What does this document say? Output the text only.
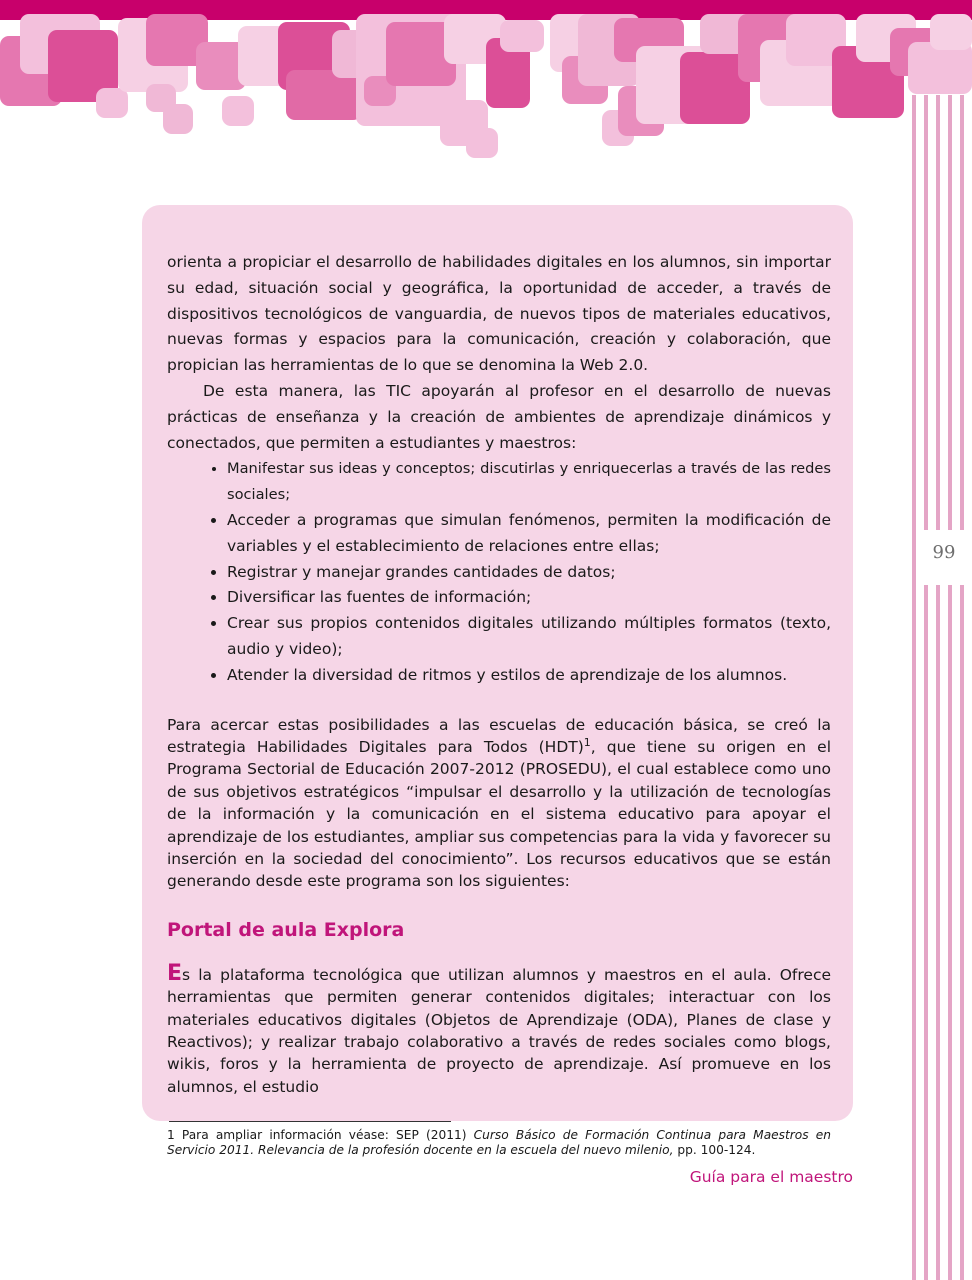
99

orienta a propiciar el desarrollo de habilidades digitales en los alumnos, sin importar su edad, situación social y geográfica, la oportunidad de acceder, a través de dispositivos tecnológicos de vanguardia, de nuevos tipos de materiales educativos, nuevas formas y espacios para la comunicación, creación y colaboración, que propician las herramientas de lo que se denomina la Web 2.0.

De esta manera, las TIC apoyarán al profesor en el desarrollo de nuevas prácticas de enseñanza y la creación de ambientes de aprendizaje dinámicos y conectados, que permiten a estudiantes y maestros:

• Manifestar sus ideas y conceptos; discutirlas y enriquecerlas a través de las redes sociales;
• Acceder a programas que simulan fenómenos, permiten la modificación de variables y el establecimiento de relaciones entre ellas;
• Registrar y manejar grandes cantidades de datos;
• Diversificar las fuentes de información;
• Crear sus propios contenidos digitales utilizando múltiples formatos (texto, audio y video);
• Atender la diversidad de ritmos y estilos de aprendizaje de los alumnos.

Para acercar estas posibilidades a las escuelas de educación básica, se creó la estrategia Habilidades Digitales para Todos (HDT)$^1$, que tiene su origen en el Programa Sectorial de Educación 2007-2012 (PROSEDU), el cual establece como uno de sus objetivos estratégicos “impulsar el desarrollo y la utilización de tecnologías de la información y la comunicación en el sistema educativo para apoyar el aprendizaje de los estudiantes, ampliar sus competencias para la vida y favorecer su inserción en la sociedad del conocimiento”. Los recursos educativos que se están generando desde este programa son los siguientes:

Portal de aula Explora

Es la plataforma tecnológica que utilizan alumnos y maestros en el aula. Ofrece herramientas que permiten generar contenidos digitales; interactuar con los materiales educativos digitales (Objetos de Aprendizaje (ODA), Planes de clase y Reactivos); y realizar trabajo colaborativo a través de redes sociales como blogs, wikis, foros y la herramienta de proyecto de aprendizaje. Así promueve en los alumnos, el estudio

1 Para ampliar información véase: SEP (2011) Curso Básico de Formación Continua para Maestros en Servicio 2011. Relevancia de la profesión docente en la escuela del nuevo milenio, pp. 100-124.

Guía para el maestro
